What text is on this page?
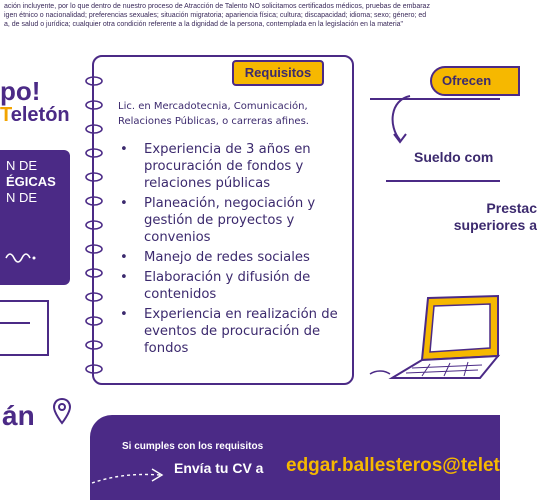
ación incluyente, por lo que dentro de nuestro proceso de Atracción de Talento NO solicitamos certificados médicos, pruebas de embaraz
igen étnico o nacionalidad; preferencias sexuales; situación migratoria; apariencia física; cultura; discapacidad; idioma; sexo; género; ed
a, de salud o jurídica; cualquier otra condición referente a la dignidad de la persona, contemplada en la legislación en la materia"
po!
Teletón
N DE
ÉGICAS
N DE
án
Requisitos
Lic. en Mercadotecnia, Comunicación, Relaciones Públicas, o carreras afines.
• Experiencia de 3 años en procuración de fondos y relaciones públicas
• Planeación, negociación y gestión de proyectos y convenios
• Manejo de redes sociales
• Elaboración y difusión de contenidos
• Experiencia en realización de eventos de procuración de fondos
Ofrecen
Sueldo com
Prestac
superiores a
Si cumples con los requisitos
Envía tu CV a edgar.ballesteros@telet
